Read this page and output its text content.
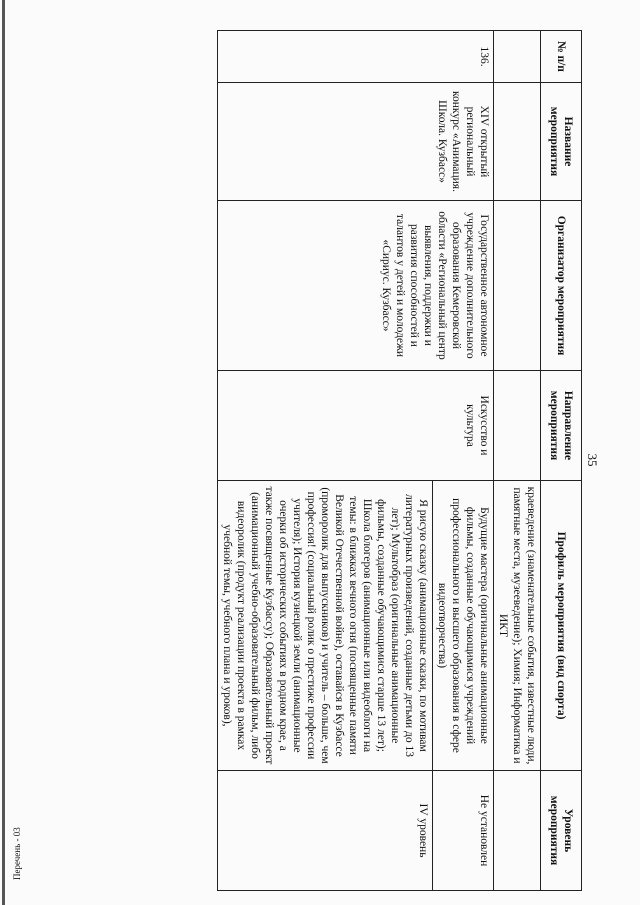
35
№ п/п	Название мероприятия	Организатор мероприятия	Направление мероприятия	Профиль мероприятия (вид спорта)	Уровень мероприятия
				краеведение (знаменательные события, известные люди, памятные места, музееведение); Химия; Информатика и ИКТ	
136.	XIV открытый региональный конкурс «Анимация. Школа. Кузбасс»	Государственное автономное учреждение дополнительного образования Кемеровской области «Региональный центр выявления, поддержки и развития способностей и талантов у детей и молодежи «Сириус. Кузбасс»	Искусство и культура	Будущие мастера (оригинальные анимационные фильмы, созданные обучающимися учреждений профессионального и высшего образования в сфере видеотворчества)	Не установлен
				Я рисую сказку (анимационные сказки, по мотивам литературных произведений, созданные детьми до 13 лет); Мультобраз (оригинальные анимационные фильмы, созданные обучающимися старше 13 лет); Школа блогеров (анимационные или видеоблоги на темы: в ближках вечного огня (посвященные памяти Великой Отечественной войне), оставайся в Кузбассе (проморолик для выпускников) и учитель – больше, чем профессия! (социальный ролик о престиже профессии учителя); История кузнецкой земли (анимационные очерки об исторических событиях в родном крае, а также посвященные Кузбассу); Образовательный проект (анимационный учебно-образовательный фильм, либо видеоролик (продукт реализации проекта в рамках учебной темы, учебного плана и уроков),	IV уровень
Перечень - 03
